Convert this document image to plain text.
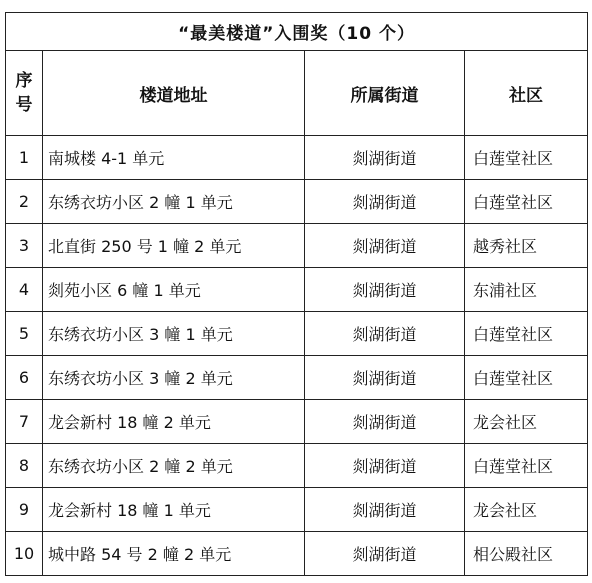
“最美楼道”入围奖（10 个）			
序号	楼道地址	所属街道	社区
1	南城楼 4-1 单元	剡湖街道	白莲堂社区
2	东绣衣坊小区 2 幢 1 单元	剡湖街道	白莲堂社区
3	北直街 250 号 1 幢 2 单元	剡湖街道	越秀社区
4	剡苑小区 6 幢 1 单元	剡湖街道	东浦社区
5	东绣衣坊小区 3 幢 1 单元	剡湖街道	白莲堂社区
6	东绣衣坊小区 3 幢 2 单元	剡湖街道	白莲堂社区
7	龙会新村 18 幢 2 单元	剡湖街道	龙会社区
8	东绣衣坊小区 2 幢 2 单元	剡湖街道	白莲堂社区
9	龙会新村 18 幢 1 单元	剡湖街道	龙会社区
10	城中路 54 号 2 幢 2 单元	剡湖街道	相公殿社区
